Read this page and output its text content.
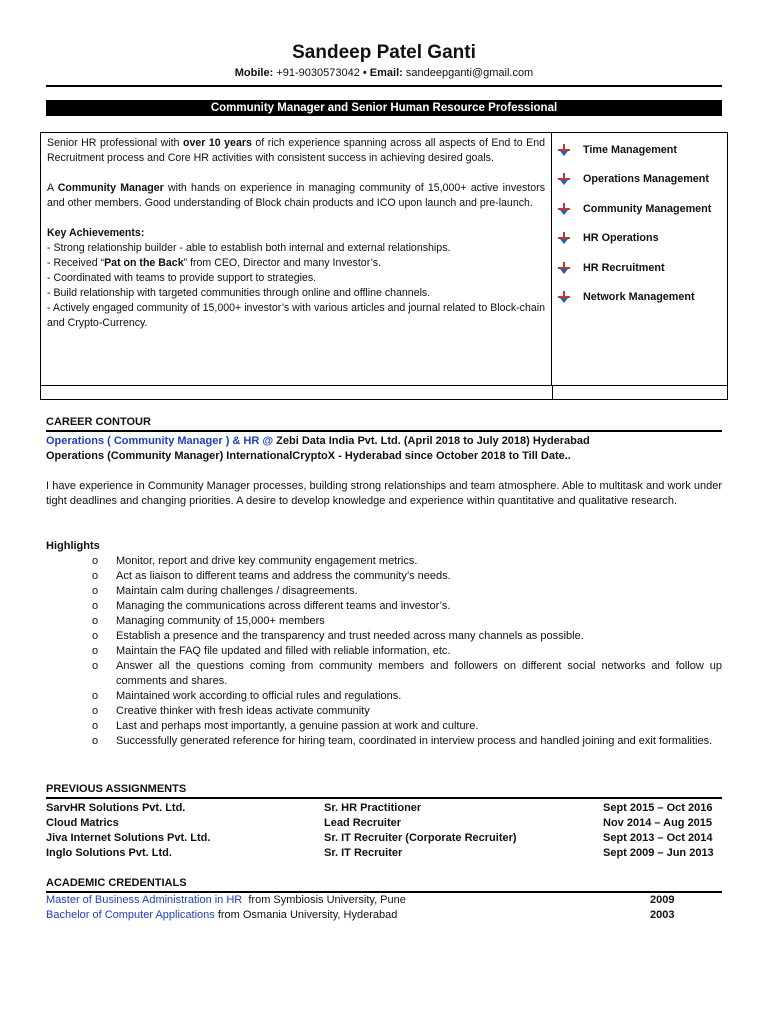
Sandeep Patel Ganti
Mobile: +91-9030573042 • Email: sandeepganti@gmail.com
Community Manager and Senior Human Resource Professional

Senior HR professional with over 10 years of rich experience spanning across all aspects of End to End Recruitment process and Core HR activities with consistent success in achieving desired goals.

A Community Manager with hands on experience in managing community of 15,000+ active investors and other members. Good understanding of Block chain products and ICO upon launch and pre-launch.

Key Achievements:
- Strong relationship builder - able to establish both internal and external relationships.
- Received “Pat on the Back” from CEO, Director and many Investor’s.
- Coordinated with teams to provide support to strategies.
- Build relationship with targeted communities through online and offline channels.
- Actively engaged community of 15,000+ investor’s with various articles and journal related to Block-chain and Crypto-Currency.
Time Management
Operations Management
Community Management
HR Operations
HR Recruitment
Network Management
CAREER CONTOUR
Operations ( Community Manager ) & HR @ Zebi Data India Pvt. Ltd. (April 2018 to July 2018) Hyderabad
Operations (Community Manager) InternationalCryptoX - Hyderabad since October 2018 to Till Date..
I have experience in Community Manager processes, building strong relationships and team atmosphere. Able to multitask and work under tight deadlines and changing priorities. A desire to develop knowledge and experience within quantitative and qualitative research.
Highlights
o Monitor, report and drive key community engagement metrics.
o Act as liaison to different teams and address the community’s needs.
o Maintain calm during challenges / disagreements.
o Managing the communications across different teams and investor’s.
o Managing community of 15,000+ members
o Establish a presence and the transparency and trust needed across many channels as possible.
o Maintain the FAQ file updated and filled with reliable information, etc.
o Answer all the questions coming from community members and followers on different social networks and follow up comments and shares.
o Maintained work according to official rules and regulations.
o Creative thinker with fresh ideas activate community
o Last and perhaps most importantly, a genuine passion at work and culture.
o Successfully generated reference for hiring team, coordinated in interview process and handled joining and exit formalities.
PREVIOUS ASSIGNMENTS
SarvHR Solutions Pvt. Ltd.	Sr. HR Practitioner	Sept 2015 – Oct 2016
Cloud Matrics	Lead Recruiter	Nov 2014 – Aug 2015
Jiva Internet Solutions Pvt. Ltd.	Sr. IT Recruiter (Corporate Recruiter)	Sept 2013 – Oct 2014
Inglo Solutions Pvt. Ltd.	Sr. IT Recruiter	Sept 2009 – Jun 2013
ACADEMIC CREDENTIALS
Master of Business Administration in HR  from Symbiosis University, Pune	2009
Bachelor of Computer Applications from Osmania University, Hyderabad	2003
